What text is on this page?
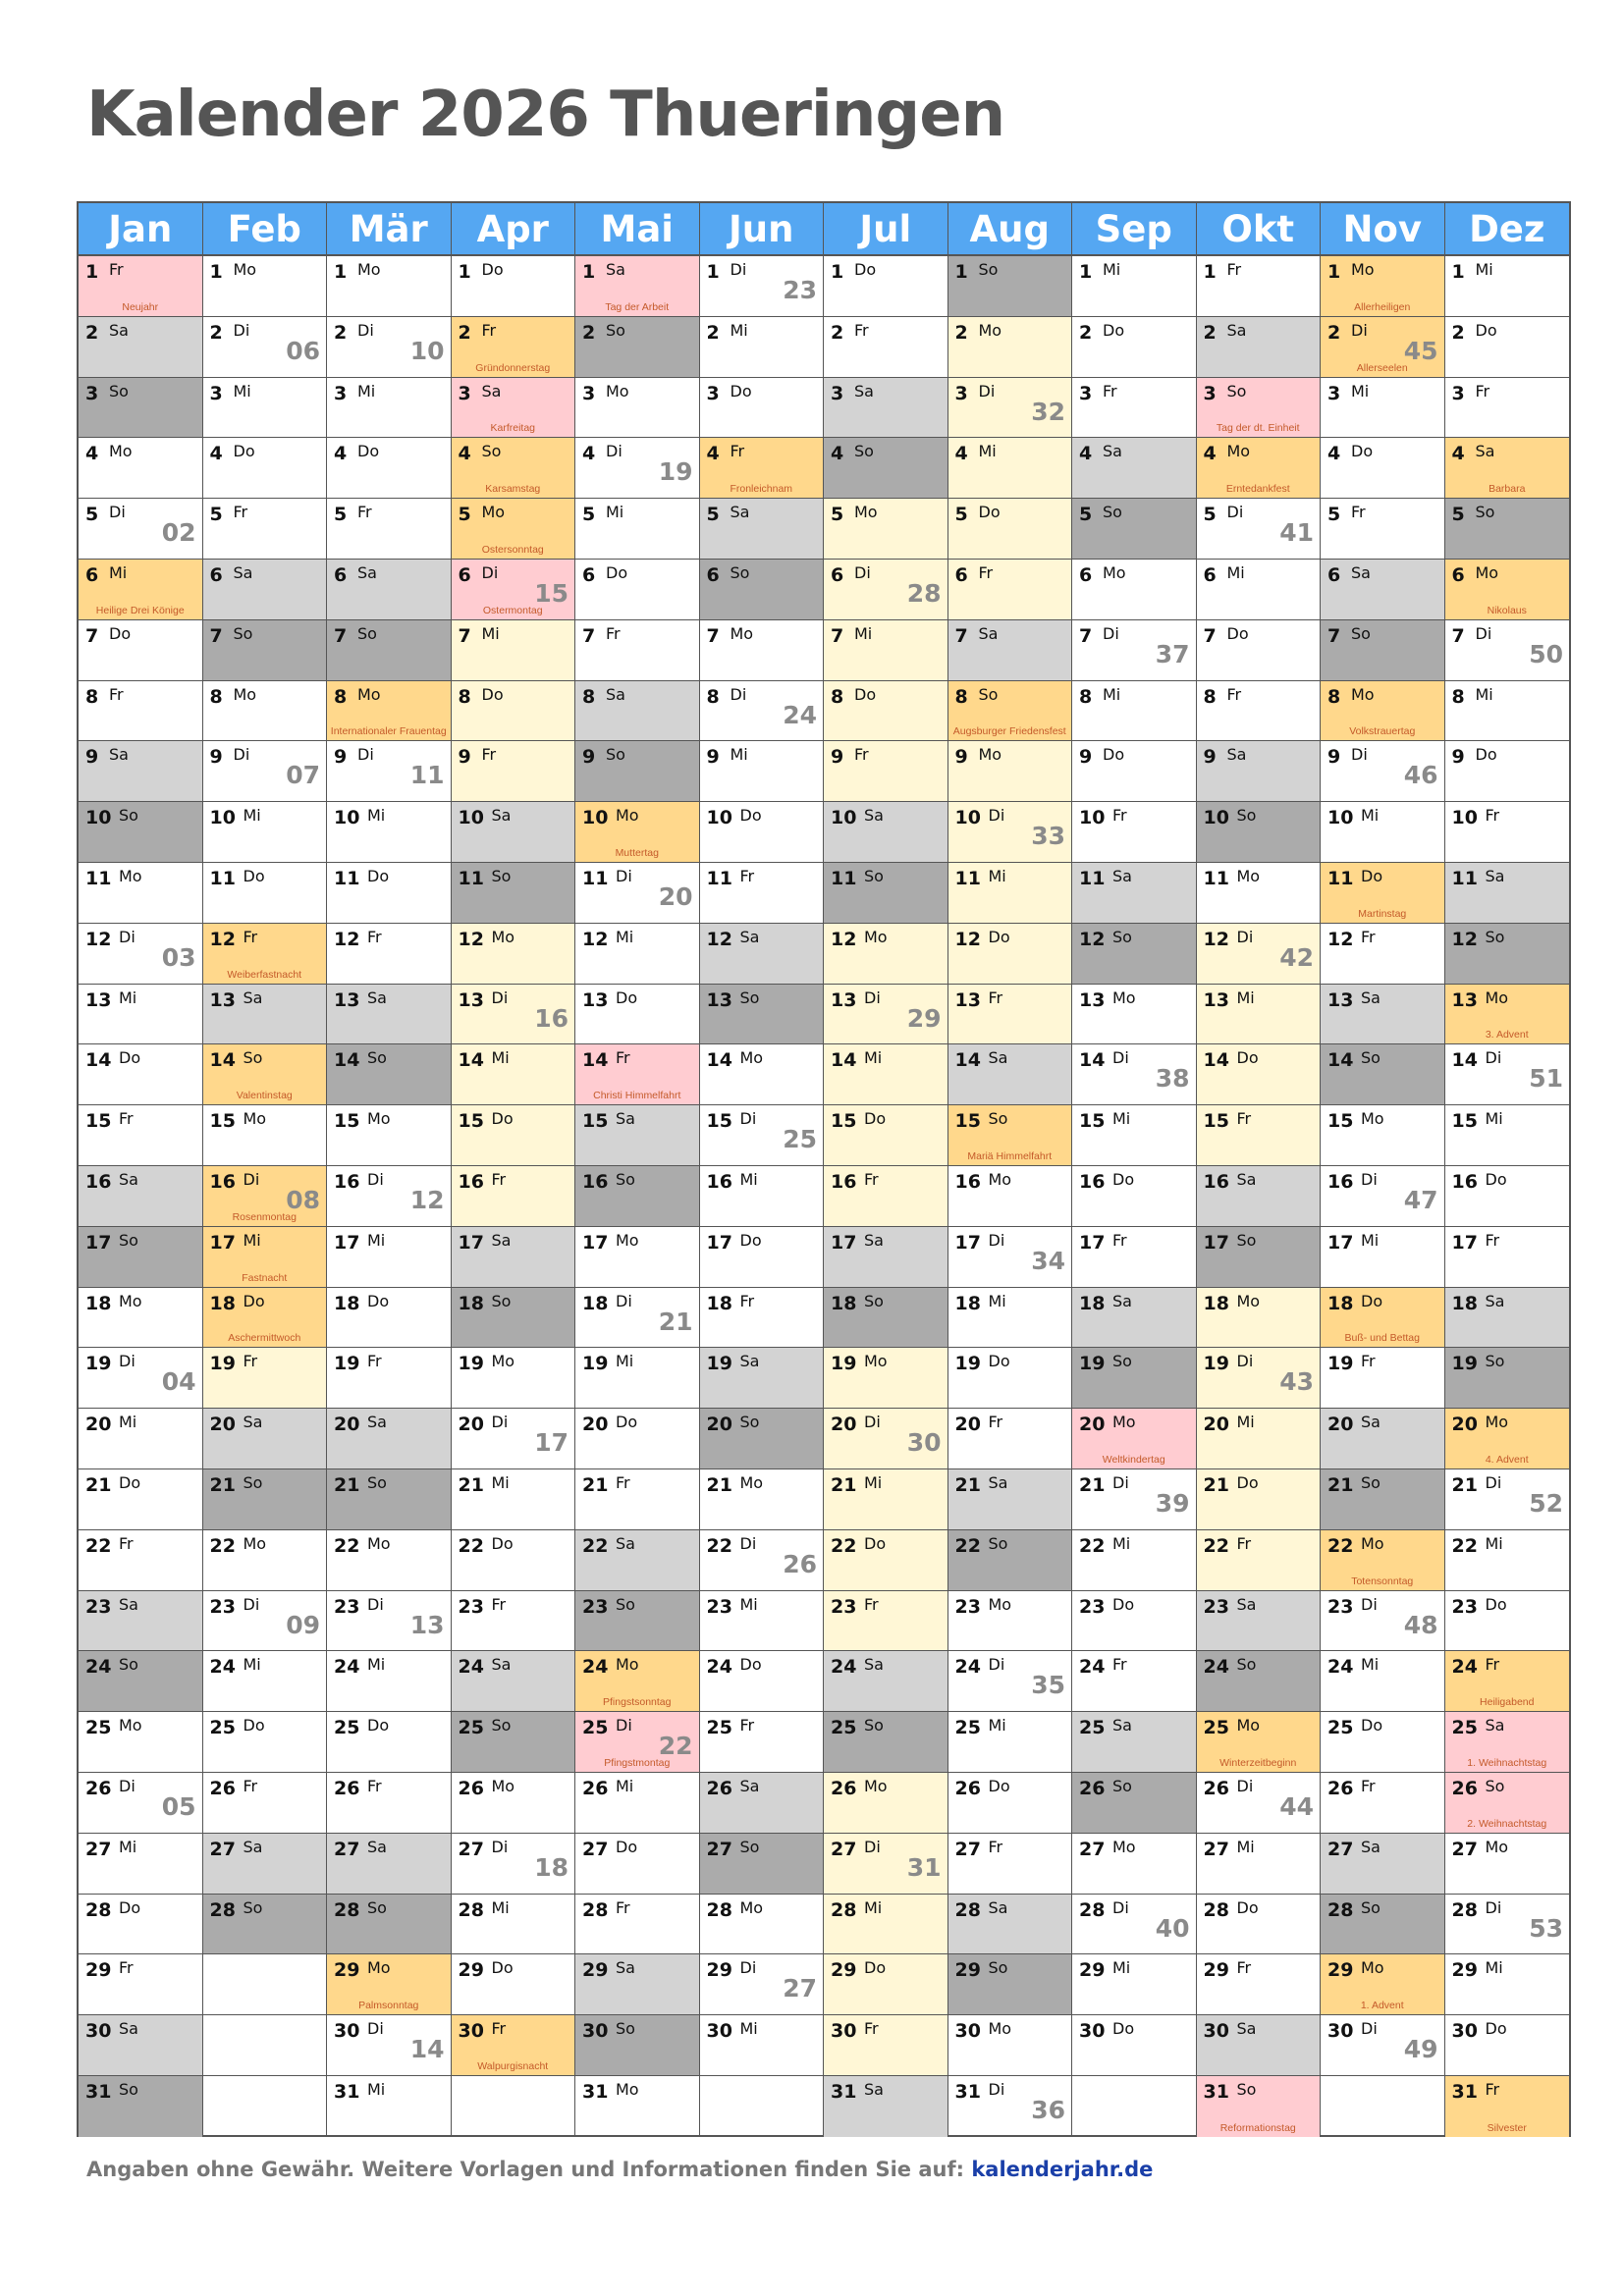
Kalender 2026 Thueringen
Jan
1 Fr
Neujahr
2 Sa
3 So
4 Mo
5 Di
02
6 Mi
Heilige Drei Könige
7 Do
8 Fr
9 Sa
10 So
11 Mo
12 Di
03
13 Mi
14 Do
15 Fr
16 Sa
17 So
18 Mo
19 Di
04
20 Mi
21 Do
22 Fr
23 Sa
24 So
25 Mo
26 Di
05
27 Mi
28 Do
29 Fr
30 Sa
31 So
Feb
1 Mo
2 Di
06
3 Mi
4 Do
5 Fr
6 Sa
7 So
8 Mo
9 Di
07
10 Mi
11 Do
12 Fr
Weiberfastnacht
13 Sa
14 So
Valentinstag
15 Mo
16 Di
08
Rosenmontag
17 Mi
Fastnacht
18 Do
Aschermittwoch
19 Fr
20 Sa
21 So
22 Mo
23 Di
09
24 Mi
25 Do
26 Fr
27 Sa
28 So
Mär
1 Mo
2 Di
10
3 Mi
4 Do
5 Fr
6 Sa
7 So
8 Mo
Internationaler Frauentag
9 Di
11
10 Mi
11 Do
12 Fr
13 Sa
14 So
15 Mo
16 Di
12
17 Mi
18 Do
19 Fr
20 Sa
21 So
22 Mo
23 Di
13
24 Mi
25 Do
26 Fr
27 Sa
28 So
29 Mo
Palmsonntag
30 Di
14
31 Mi
Apr
1 Do
2 Fr
Gründonnerstag
3 Sa
Karfreitag
4 So
Karsamstag
5 Mo
Ostersonntag
6 Di
15
Ostermontag
7 Mi
8 Do
9 Fr
10 Sa
11 So
12 Mo
13 Di
16
14 Mi
15 Do
16 Fr
17 Sa
18 So
19 Mo
20 Di
17
21 Mi
22 Do
23 Fr
24 Sa
25 So
26 Mo
27 Di
18
28 Mi
29 Do
30 Fr
Walpurgisnacht
Mai
1 Sa
Tag der Arbeit
2 So
3 Mo
4 Di
19
5 Mi
6 Do
7 Fr
8 Sa
9 So
10 Mo
Muttertag
11 Di
20
12 Mi
13 Do
14 Fr
Christi Himmelfahrt
15 Sa
16 So
17 Mo
18 Di
21
19 Mi
20 Do
21 Fr
22 Sa
23 So
24 Mo
Pfingstsonntag
25 Di
22
Pfingstmontag
26 Mi
27 Do
28 Fr
29 Sa
30 So
31 Mo
Jun
1 Di
23
2 Mi
3 Do
4 Fr
Fronleichnam
5 Sa
6 So
7 Mo
8 Di
24
9 Mi
10 Do
11 Fr
12 Sa
13 So
14 Mo
15 Di
25
16 Mi
17 Do
18 Fr
19 Sa
20 So
21 Mo
22 Di
26
23 Mi
24 Do
25 Fr
26 Sa
27 So
28 Mo
29 Di
27
30 Mi
Jul
1 Do
2 Fr
3 Sa
4 So
5 Mo
6 Di
28
7 Mi
8 Do
9 Fr
10 Sa
11 So
12 Mo
13 Di
29
14 Mi
15 Do
16 Fr
17 Sa
18 So
19 Mo
20 Di
30
21 Mi
22 Do
23 Fr
24 Sa
25 So
26 Mo
27 Di
31
28 Mi
29 Do
30 Fr
31 Sa
Aug
1 So
2 Mo
3 Di
32
4 Mi
5 Do
6 Fr
7 Sa
8 So
Augsburger Friedensfest
9 Mo
10 Di
33
11 Mi
12 Do
13 Fr
14 Sa
15 So
Mariä Himmelfahrt
16 Mo
17 Di
34
18 Mi
19 Do
20 Fr
21 Sa
22 So
23 Mo
24 Di
35
25 Mi
26 Do
27 Fr
28 Sa
29 So
30 Mo
31 Di
36
Sep
1 Mi
2 Do
3 Fr
4 Sa
5 So
6 Mo
7 Di
37
8 Mi
9 Do
10 Fr
11 Sa
12 So
13 Mo
14 Di
38
15 Mi
16 Do
17 Fr
18 Sa
19 So
20 Mo
Weltkindertag
21 Di
39
22 Mi
23 Do
24 Fr
25 Sa
26 So
27 Mo
28 Di
40
29 Mi
30 Do
Okt
1 Fr
2 Sa
3 So
Tag der dt. Einheit
4 Mo
Erntedankfest
5 Di
41
6 Mi
7 Do
8 Fr
9 Sa
10 So
11 Mo
12 Di
42
13 Mi
14 Do
15 Fr
16 Sa
17 So
18 Mo
19 Di
43
20 Mi
21 Do
22 Fr
23 Sa
24 So
25 Mo
Winterzeitbeginn
26 Di
44
27 Mi
28 Do
29 Fr
30 Sa
31 So
Reformationstag
Nov
1 Mo
Allerheiligen
2 Di
45
Allerseelen
3 Mi
4 Do
5 Fr
6 Sa
7 So
8 Mo
Volkstrauertag
9 Di
46
10 Mi
11 Do
Martinstag
12 Fr
13 Sa
14 So
15 Mo
16 Di
47
17 Mi
18 Do
Buß- und Bettag
19 Fr
20 Sa
21 So
22 Mo
Totensonntag
23 Di
48
24 Mi
25 Do
26 Fr
27 Sa
28 So
29 Mo
1. Advent
30 Di
49
Dez
1 Mi
2 Do
3 Fr
4 Sa
Barbara
5 So
6 Mo
Nikolaus
7 Di
50
8 Mi
9 Do
10 Fr
11 Sa
12 So
13 Mo
3. Advent
14 Di
51
15 Mi
16 Do
17 Fr
18 Sa
19 So
20 Mo
4. Advent
21 Di
52
22 Mi
23 Do
24 Fr
Heiligabend
25 Sa
1. Weihnachtstag
26 So
2. Weihnachtstag
27 Mo
28 Di
53
29 Mi
30 Do
31 Fr
Silvester
Angaben ohne Gewähr. Weitere Vorlagen und Informationen finden Sie auf: kalenderjahr.de
